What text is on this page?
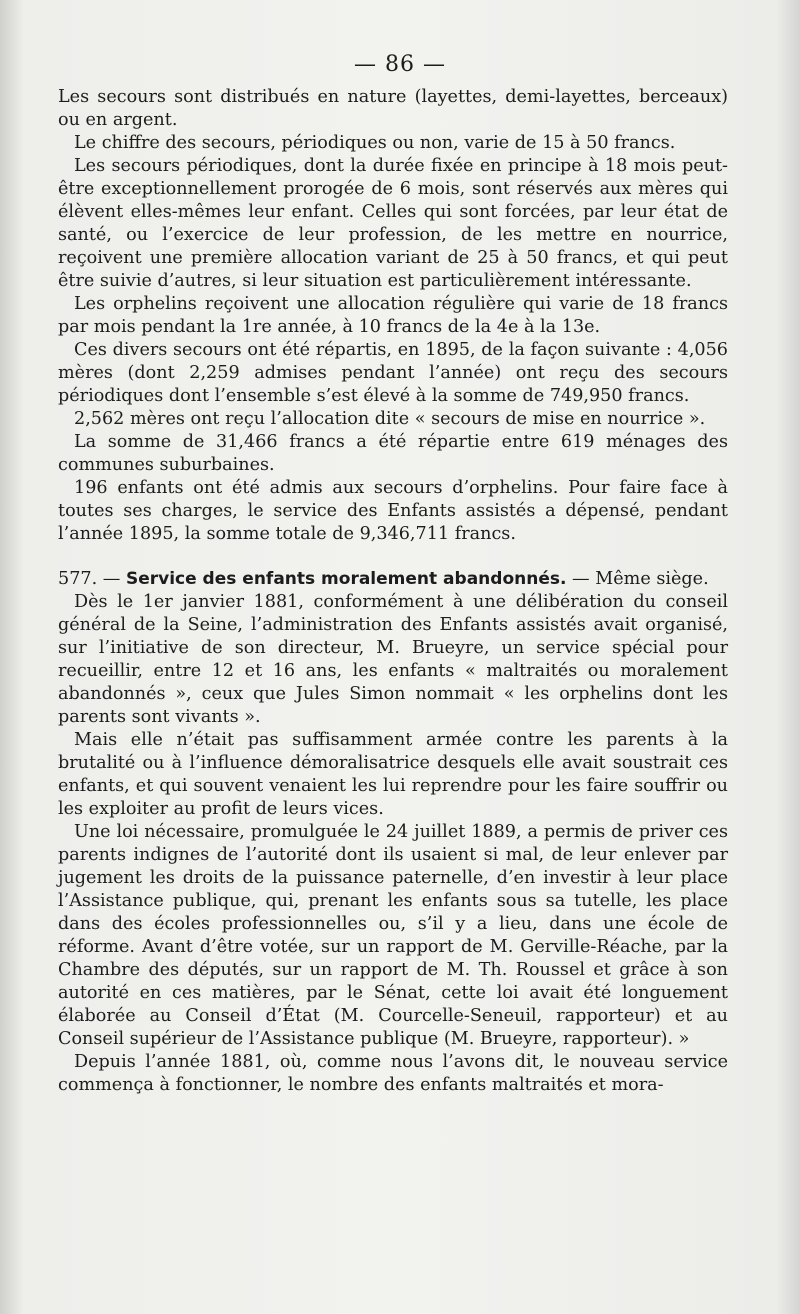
— 86 —

Les secours sont distribués en nature (layettes, demi-layettes, berceaux) ou en argent.

Le chiffre des secours, périodiques ou non, varie de 15 à 50 francs.

Les secours périodiques, dont la durée fixée en principe à 18 mois peut-être exceptionnellement prorogée de 6 mois, sont réservés aux mères qui élèvent elles-mêmes leur enfant. Celles qui sont forcées, par leur état de santé, ou l’exercice de leur profession, de les mettre en nourrice, reçoivent une première allocation variant de 25 à 50 francs, et qui peut être suivie d’autres, si leur situation est particulièrement intéressante.

Les orphelins reçoivent une allocation régulière qui varie de 18 francs par mois pendant la 1re année, à 10 francs de la 4e à la 13e.

Ces divers secours ont été répartis, en 1895, de la façon suivante : 4,056 mères (dont 2,259 admises pendant l’année) ont reçu des secours périodiques dont l’ensemble s’est élevé à la somme de 749,950 francs.

2,562 mères ont reçu l’allocation dite « secours de mise en nourrice ».

La somme de 31,466 francs a été répartie entre 619 ménages des communes suburbaines.

196 enfants ont été admis aux secours d’orphelins. Pour faire face à toutes ses charges, le service des Enfants assistés a dépensé, pendant l’année 1895, la somme totale de 9,346,711 francs.

577. — Service des enfants moralement abandonnés. — Même siège.

Dès le 1er janvier 1881, conformément à une délibération du conseil général de la Seine, l’administration des Enfants assistés avait organisé, sur l’initiative de son directeur, M. Brueyre, un service spécial pour recueillir, entre 12 et 16 ans, les enfants « maltraités ou moralement abandonnés », ceux que Jules Simon nommait « les orphelins dont les parents sont vivants ».

Mais elle n’était pas suffisamment armée contre les parents à la brutalité ou à l’influence démoralisatrice desquels elle avait soustrait ces enfants, et qui souvent venaient les lui reprendre pour les faire souffrir ou les exploiter au profit de leurs vices.

Une loi nécessaire, promulguée le 24 juillet 1889, a permis de priver ces parents indignes de l’autorité dont ils usaient si mal, de leur enlever par jugement les droits de la puissance paternelle, d’en investir à leur place l’Assistance publique, qui, prenant les enfants sous sa tutelle, les place dans des écoles professionnelles ou, s’il y a lieu, dans une école de réforme. Avant d’être votée, sur un rapport de M. Gerville-Réache, par la Chambre des députés, sur un rapport de M. Th. Roussel et grâce à son autorité en ces matières, par le Sénat, cette loi avait été longuement élaborée au Conseil d’État (M. Courcelle-Seneuil, rapporteur) et au Conseil supérieur de l’Assistance publique (M. Brueyre, rapporteur). »

Depuis l’année 1881, où, comme nous l’avons dit, le nouveau service commença à fonctionner, le nombre des enfants maltraités et mora-
